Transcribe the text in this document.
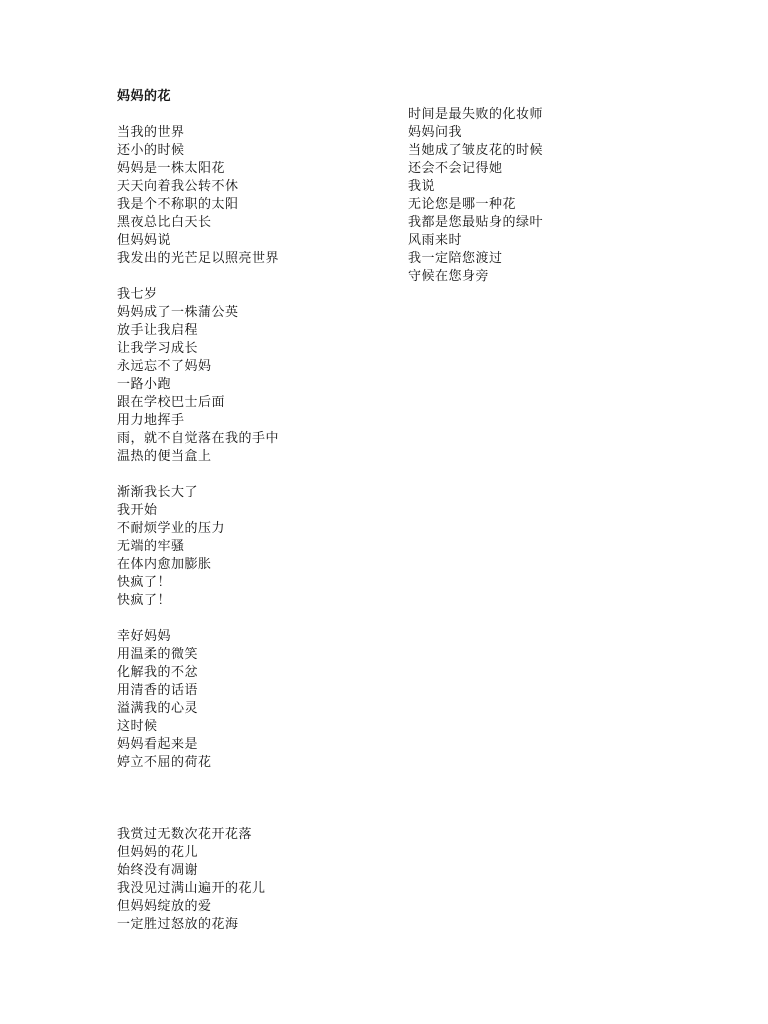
妈妈的花
当我的世界
还小的时候
妈妈是一株太阳花
天天向着我公转不休
我是个不称职的太阳
黑夜总比白天长
但妈妈说
我发出的光芒足以照亮世界
我七岁
妈妈成了一株蒲公英
放手让我启程
让我学习成长
永远忘不了妈妈
一路小跑
跟在学校巴士后面
用力地挥手
雨，就不自觉落在我的手中
温热的便当盒上
渐渐我长大了
我开始
不耐烦学业的压力
无端的牢骚
在体内愈加膨胀
快疯了！
快疯了！
幸好妈妈
用温柔的微笑
化解我的不忿
用清香的话语
溢满我的心灵
这时候
妈妈看起来是
婷立不屈的荷花
我赏过无数次花开花落
但妈妈的花儿
始终没有凋谢
我没见过满山遍开的花儿
但妈妈绽放的爱
一定胜过怒放的花海
时间是最失败的化妆师
妈妈问我
当她成了皱皮花的时候
还会不会记得她
我说
无论您是哪一种花
我都是您最贴身的绿叶
风雨来时
我一定陪您渡过
守候在您身旁
